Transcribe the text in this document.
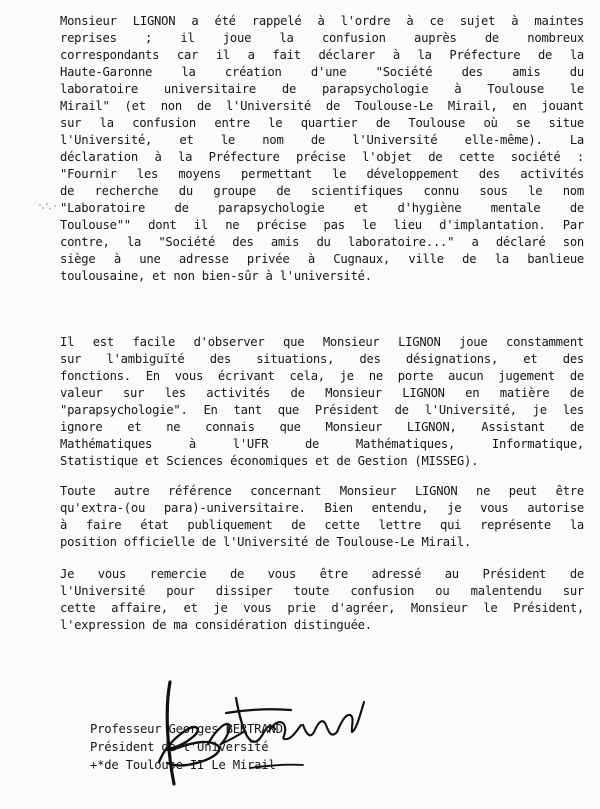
Monsieur LIGNON a été rappelé à l'ordre à ce sujet à maintes
reprises ; il joue la confusion auprès de nombreux
correspondants car il a fait déclarer à la Préfecture de la
Haute-Garonne la création d'une "Société des amis du
laboratoire universitaire de parapsychologie à Toulouse le
Mirail" (et non de l'Université de Toulouse-Le Mirail, en jouant
sur la confusion entre le quartier de Toulouse où se situe
l'Université, et le nom de l'Université elle-même). La
déclaration à la Préfecture précise l'objet de cette société :
"Fournir les moyens permettant le développement des activités
de recherche du groupe de scientifiques connu sous le nom
"Laboratoire de parapsychologie et d'hygiène mentale de
Toulouse"" dont il ne précise pas le lieu d'implantation. Par
contre, la "Société des amis du laboratoire..." a déclaré son
siège à une adresse privée à Cugnaux, ville de la banlieue
toulousaine, et non bien-sûr à l'université.
Il est facile d'observer que Monsieur LIGNON joue constamment
sur l'ambiguïté des situations, des désignations, et des
fonctions. En vous écrivant cela, je ne porte aucun jugement de
valeur sur les activités de Monsieur LIGNON en matière de
"parapsychologie". En tant que Président de l'Université, je les
ignore et ne connais que Monsieur LIGNON, Assistant de
Mathématiques à l'UFR de Mathématiques, Informatique,
Statistique et Sciences économiques et de Gestion (MISSEG).
Toute autre référence concernant Monsieur LIGNON ne peut être
qu'extra-(ou para)-universitaire. Bien entendu, je vous autorise
à faire état publiquement de cette lettre qui représente la
position officielle de l'Université de Toulouse-Le Mirail.
Je vous remercie de vous être adressé au Président de
l'Université pour dissiper toute confusion ou malentendu sur
cette affaire, et je vous prie d'agréer, Monsieur le Président,
l'expression de ma considération distinguée.
Professeur Georges BERTRAND
Président de l'Université
+*de Toulouse-II Le Mirail
